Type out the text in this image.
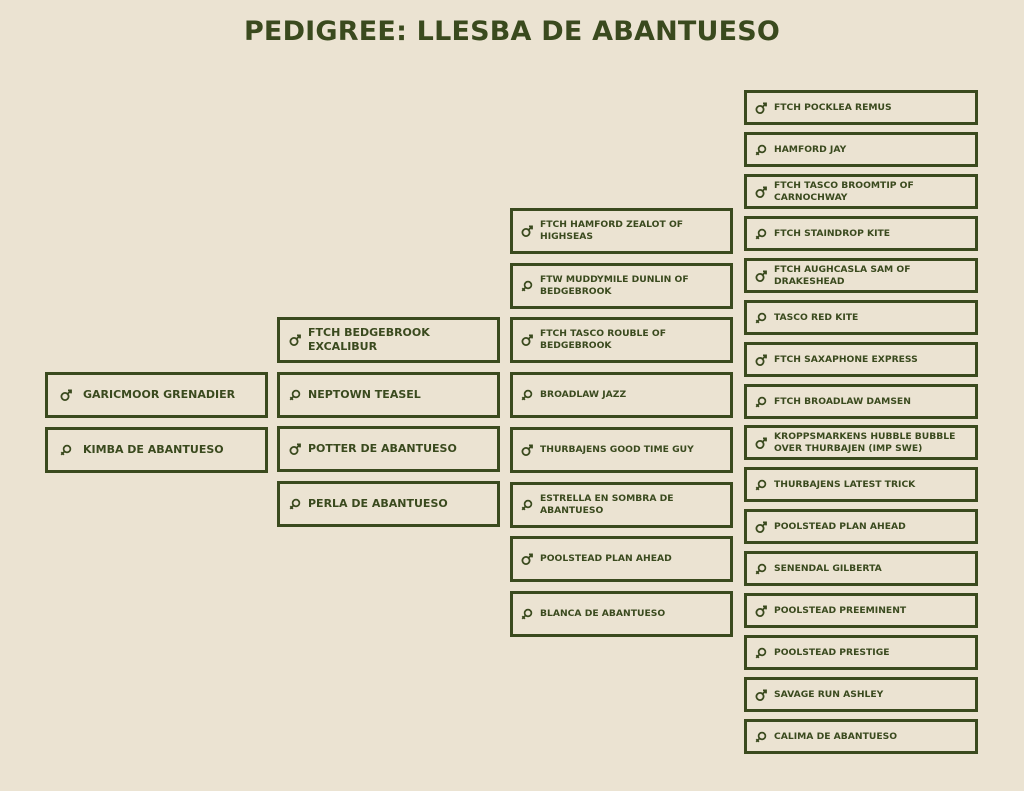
PEDIGREE: LLESBA DE ABANTUESO
GARICMOOR GRENADIER
KIMBA DE ABANTUESO
FTCH BEDGEBROOK EXCALIBUR
NEPTOWN TEASEL
POTTER DE ABANTUESO
PERLA DE ABANTUESO
FTCH HAMFORD ZEALOT OF HIGHSEAS
FTW MUDDYMILE DUNLIN OF BEDGEBROOK
FTCH TASCO ROUBLE OF BEDGEBROOK
BROADLAW JAZZ
THURBAJENS GOOD TIME GUY
ESTRELLA EN SOMBRA DE ABANTUESO
POOLSTEAD PLAN AHEAD
BLANCA DE ABANTUESO
FTCH POCKLEA REMUS
HAMFORD JAY
FTCH TASCO BROOMTIP OF CARNOCHWAY
FTCH STAINDROP KITE
FTCH AUGHCASLA SAM OF DRAKESHEAD
TASCO RED KITE
FTCH SAXAPHONE EXPRESS
FTCH BROADLAW DAMSEN
KROPPSMARKENS HUBBLE BUBBLE OVER THURBAJEN (IMP SWE)
THURBAJENS LATEST TRICK
POOLSTEAD PLAN AHEAD
SENENDAL GILBERTA
POOLSTEAD PREEMINENT
POOLSTEAD PRESTIGE
SAVAGE RUN ASHLEY
CALIMA DE ABANTUESO
